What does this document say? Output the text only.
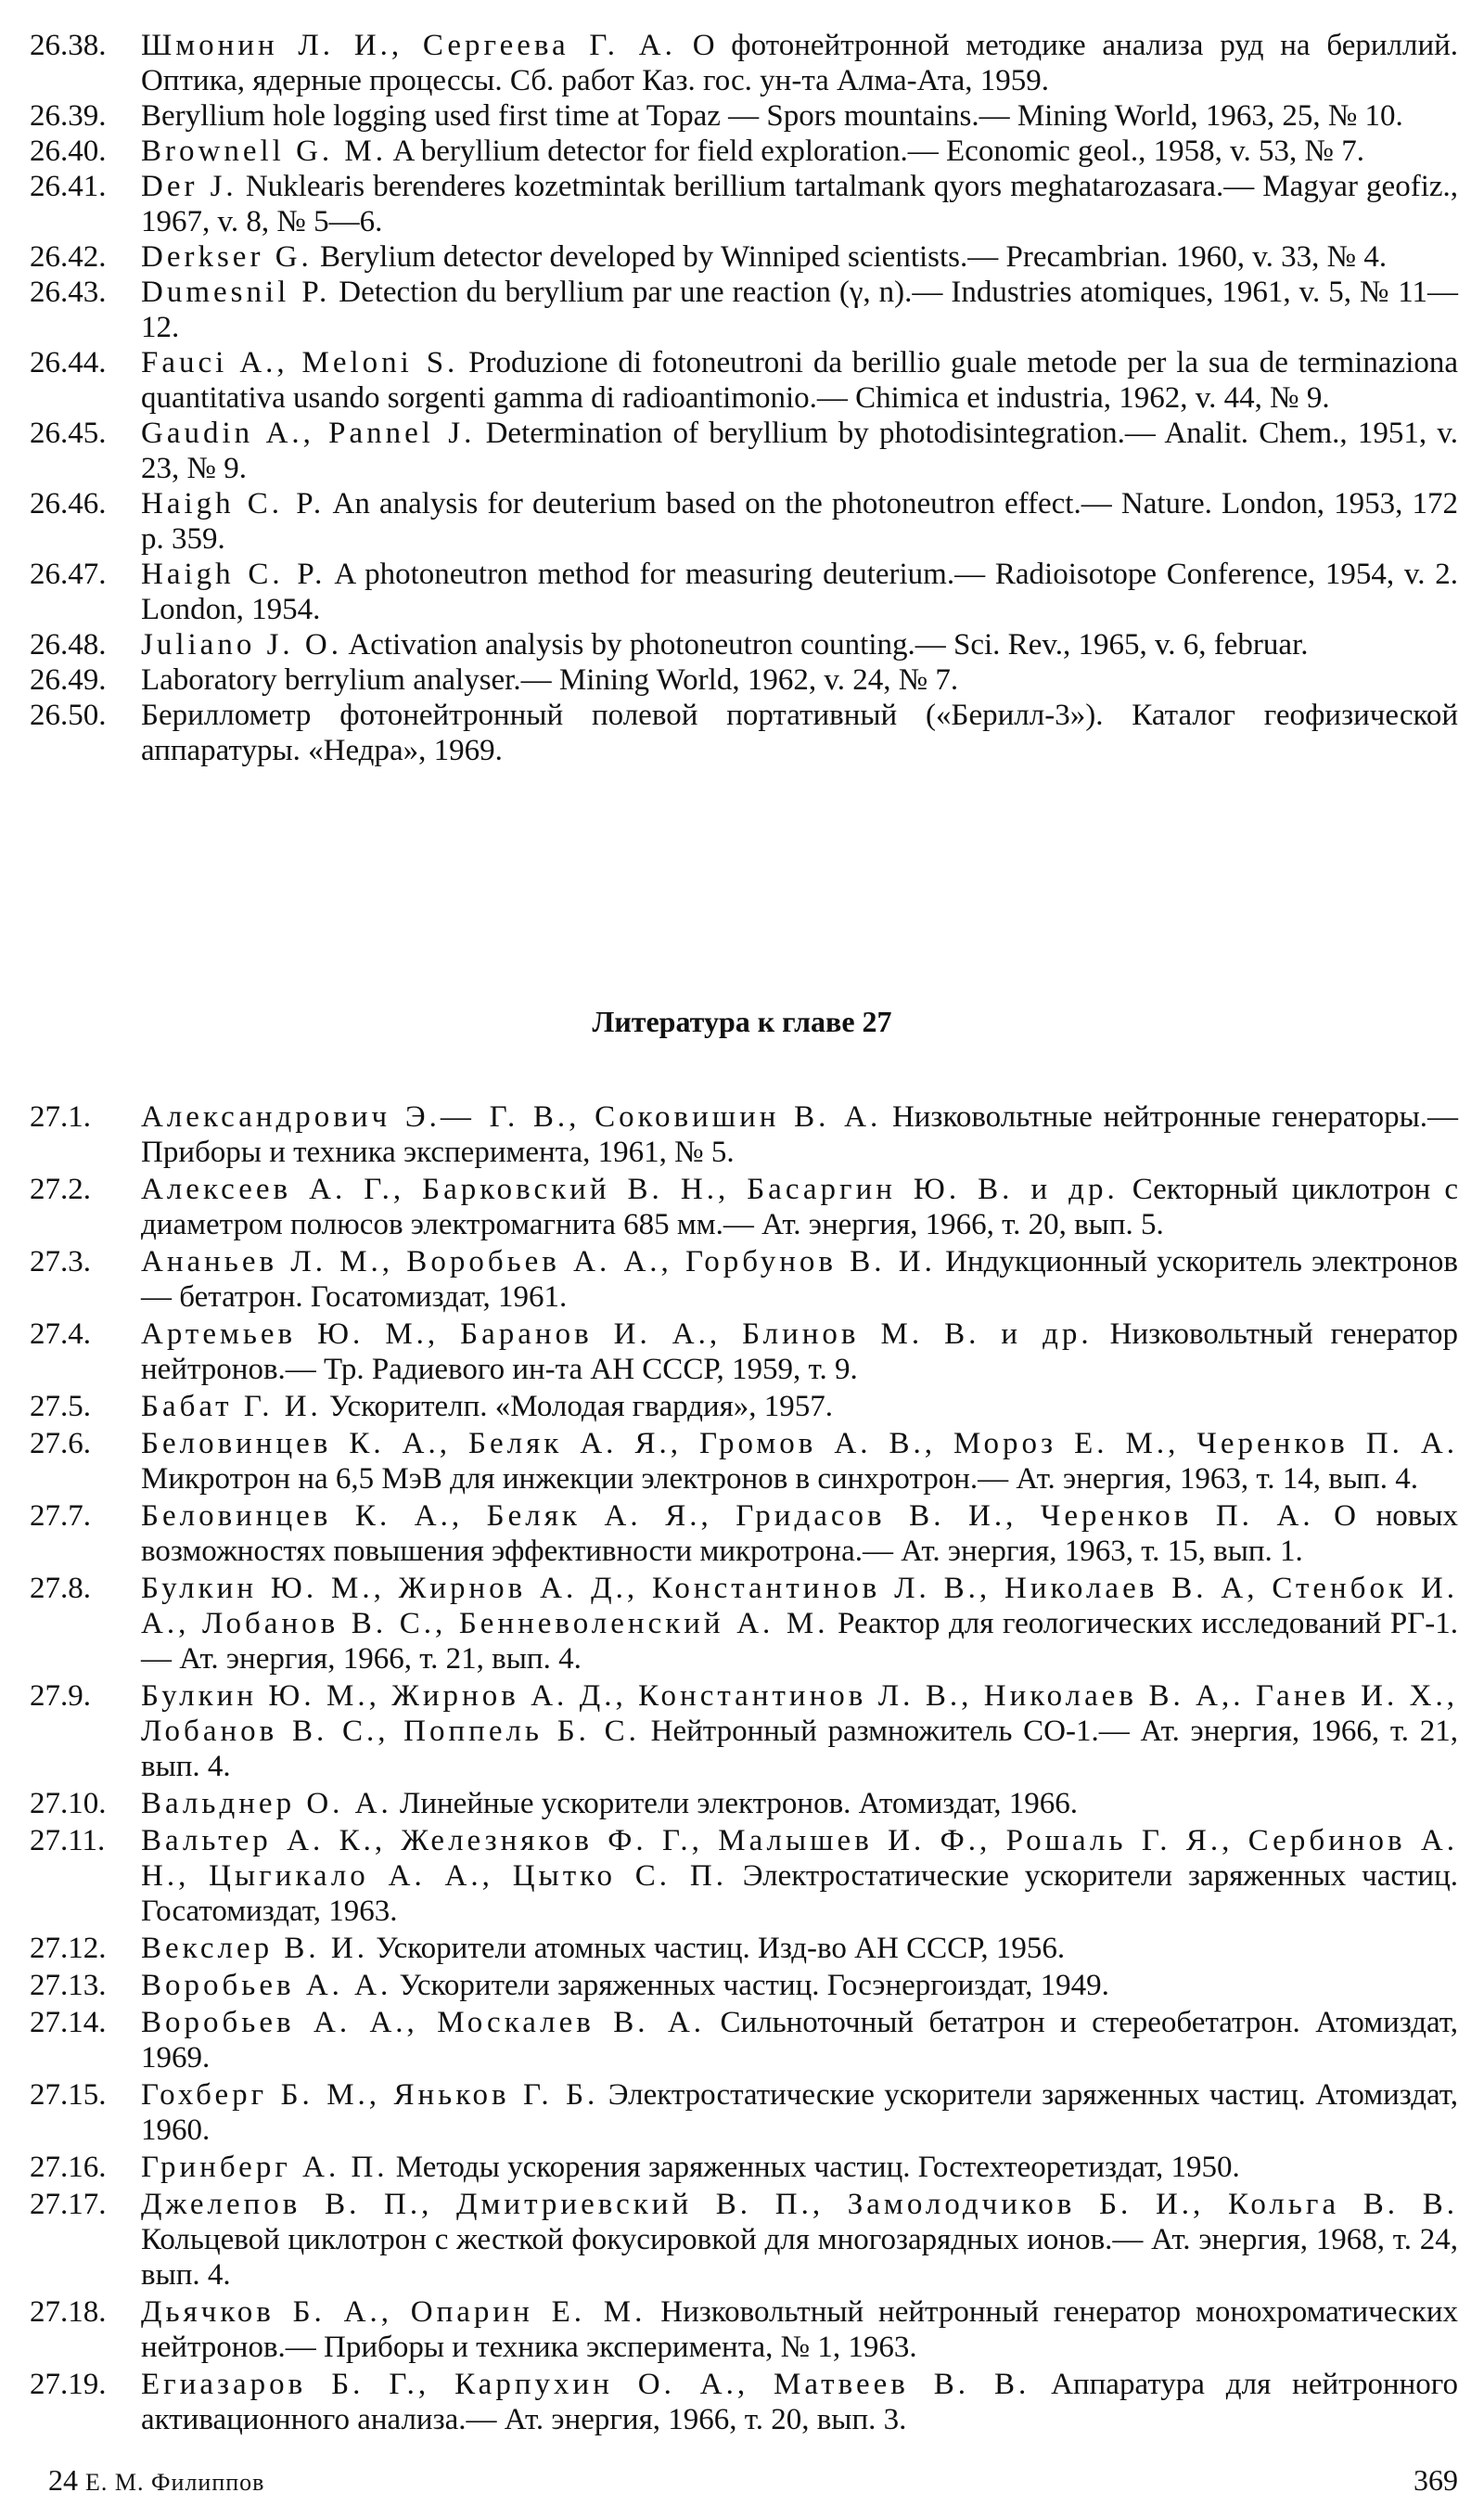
26.38.	Шмонин Л. И., Сергеева Г. А. О фотонейтронной методике анализа руд на бериллий. Оптика, ядерные процессы. Сб. работ Каз. гос. ун-та Алма-Ата, 1959.
26.39.	Beryllium hole logging used first time at Topaz — Spors mountains.— Mining World, 1963, 25, № 10.
26.40.	Brownell G. M. A beryllium detector for field exploration.— Economic geol., 1958, v. 53, № 7.
26.41.	Der J. Nuklearis berenderes kozetmintak berillium tartalmank qyors meghatarozasara.— Magyar geofiz., 1967, v. 8, № 5—6.
26.42.	Derkser G. Berylium detector developed by Winniped scientists.— Precambrian. 1960, v. 33, № 4.
26.43.	Dumesnil P. Detection du beryllium par une reaction (γ, n).— Industries atomiques, 1961, v. 5, № 11—12.
26.44.	Fauci A., Meloni S. Produzione di fotoneutroni da berillio guale metode per la sua de terminaziona quantitativa usando sorgenti gamma di radioantimonio.— Chimica et industria, 1962, v. 44, № 9.
26.45.	Gaudin A., Pannel J. Determination of beryllium by photodisintegration.— Analit. Chem., 1951, v. 23, № 9.
26.46.	Haigh C. P. An analysis for deuterium based on the photoneutron effect.— Nature. London, 1953, 172 p. 359.
26.47.	Haigh C. P. A photoneutron method for measuring deuterium.— Radioisotope Conference, 1954, v. 2. London, 1954.
26.48.	Juliano J. O. Activation analysis by photoneutron counting.— Sci. Rev., 1965, v. 6, februar.
26.49.	Laboratory berrylium analyser.— Mining World, 1962, v. 24, № 7.
26.50.	Бериллометр фотонейтронный полевой портативный («Берилл-3»). Каталог геофизической аппаратуры. «Недра», 1969.
Литература к главе 27
27.1.	Александрович Э.— Г. В., Соковишин В. А. Низковольтные нейтронные генераторы.— Приборы и техника эксперимента, 1961, № 5.
27.2.	Алексеев А. Г., Барковский В. Н., Басаргин Ю. В. и др. Секторный циклотрон с диаметром полюсов электромагнита 685 мм.— Ат. энергия, 1966, т. 20, вып. 5.
27.3.	Ананьев Л. М., Воробьев А. А., Горбунов В. И. Индукционный ускоритель электронов — бетатрон. Госатомиздат, 1961.
27.4.	Артемьев Ю. М., Баранов И. А., Блинов М. В. и др. Низковольтный генератор нейтронов.— Тр. Радиевого ин-та АН СССР, 1959, т. 9.
27.5.	Бабат Г. И. Ускорителп. «Молодая гвардия», 1957.
27.6.	Беловинцев К. А., Беляк А. Я., Громов А. В., Мороз Е. М., Черенков П. А. Микротрон на 6,5 МэВ для инжекции электронов в синхротрон.— Ат. энергия, 1963, т. 14, вып. 4.
27.7.	Беловинцев К. А., Беляк А. Я., Гридасов В. И., Черенков П. А. О новых возможностях повышения эффективности микротрона.— Ат. энергия, 1963, т. 15, вып. 1.
27.8.	Булкин Ю. М., Жирнов А. Д., Константинов Л. В., Николаев В. А, Стенбок И. А., Лобанов В. С., Бенневоленский А. М. Реактор для геологических исследований РГ-1.— Ат. энергия, 1966, т. 21, вып. 4.
27.9.	Булкин Ю. М., Жирнов А. Д., Константинов Л. В., Николаев В. А,. Ганев И. Х., Лобанов В. С., Поппель Б. С. Нейтронный размножитель СО-1.— Ат. энергия, 1966, т. 21, вып. 4.
27.10.	Вальднер О. А. Линейные ускорители электронов. Атомиздат, 1966.
27.11.	Вальтер А. К., Железняков Ф. Г., Малышев И. Ф., Рошаль Г. Я., Сербинов А. Н., Цыгикало А. А., Цытко С. П. Электростатические ускорители заряженных частиц. Госатомиздат, 1963.
27.12.	Векслер В. И. Ускорители атомных частиц. Изд-во АН СССР, 1956.
27.13.	Воробьев А. А. Ускорители заряженных частиц. Госэнергоиздат, 1949.
27.14.	Воробьев А. А., Москалев В. А. Сильноточный бетатрон и стереобетатрон. Атомиздат, 1969.
27.15.	Гохберг Б. М., Яньков Г. Б. Электростатические ускорители заряженных частиц. Атомиздат, 1960.
27.16.	Гринберг А. П. Методы ускорения заряженных частиц. Гостехтеоретиздат, 1950.
27.17.	Джелепов В. П., Дмитриевский В. П., Замолодчиков Б. И., Кольга В. В. Кольцевой циклотрон с жесткой фокусировкой для многозарядных ионов.— Ат. энергия, 1968, т. 24, вып. 4.
27.18.	Дьячков Б. А., Опарин Е. М. Низковольтный нейтронный генератор монохроматических нейтронов.— Приборы и техника эксперимента, № 1, 1963.
27.19.	Егиазаров Б. Г., Карпухин О. А., Матвеев В. В. Аппаратура для нейтронного активационного анализа.— Ат. энергия, 1966, т. 20, вып. 3.
24 Е. М. Филиппов	369
